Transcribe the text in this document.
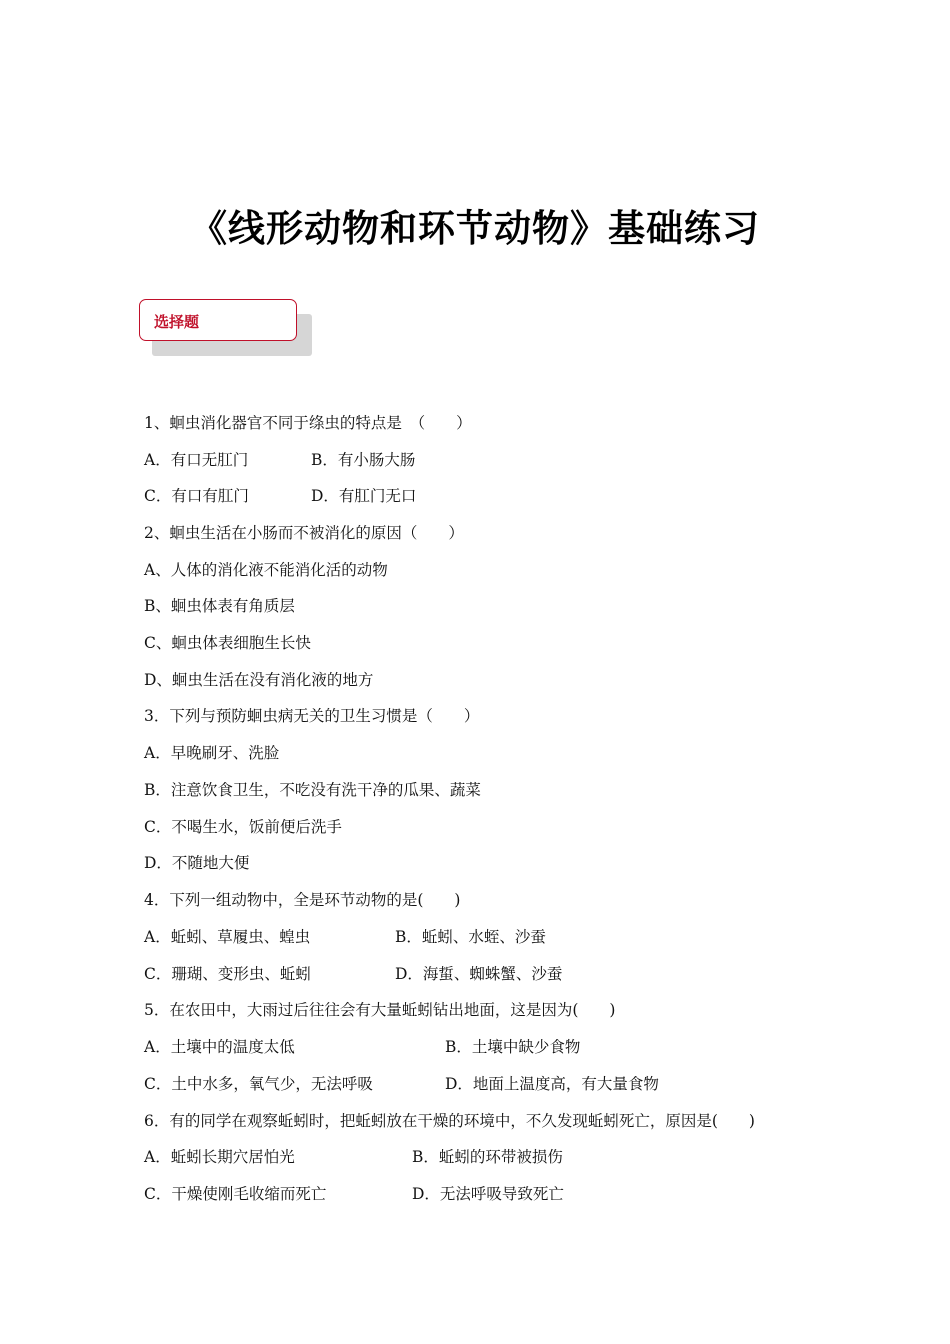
《线形动物和环节动物》基础练习
选择题
1、蛔虫消化器官不同于绦虫的特点是　（　　）
A．有口无肛门	B．有小肠大肠
C．有口有肛门	D．有肛门无口
2、蛔虫生活在小肠而不被消化的原因（　　）
A、人体的消化液不能消化活的动物
B、蛔虫体表有角质层
C、蛔虫体表细胞生长快
D、蛔虫生活在没有消化液的地方
3．下列与预防蛔虫病无关的卫生习惯是（　　）
A．早晚刷牙、洗脸
B．注意饮食卫生，不吃没有洗干净的瓜果、蔬菜
C．不喝生水，饭前便后洗手
D．不随地大便
4．下列一组动物中，全是环节动物的是(　　)
A．蚯蚓、草履虫、蝗虫	B．蚯蚓、水蛭、沙蚕
C．珊瑚、变形虫、蚯蚓	D．海蜇、蜘蛛蟹、沙蚕
5．在农田中，大雨过后往往会有大量蚯蚓钻出地面，这是因为(　　)
A．土壤中的温度太低	B．土壤中缺少食物
C．土中水多，氧气少，无法呼吸	D．地面上温度高，有大量食物
6．有的同学在观察蚯蚓时，把蚯蚓放在干燥的环境中，不久发现蚯蚓死亡，原因是(　　)
A．蚯蚓长期穴居怕光	B．蚯蚓的环带被损伤
C．干燥使刚毛收缩而死亡	D．无法呼吸导致死亡
